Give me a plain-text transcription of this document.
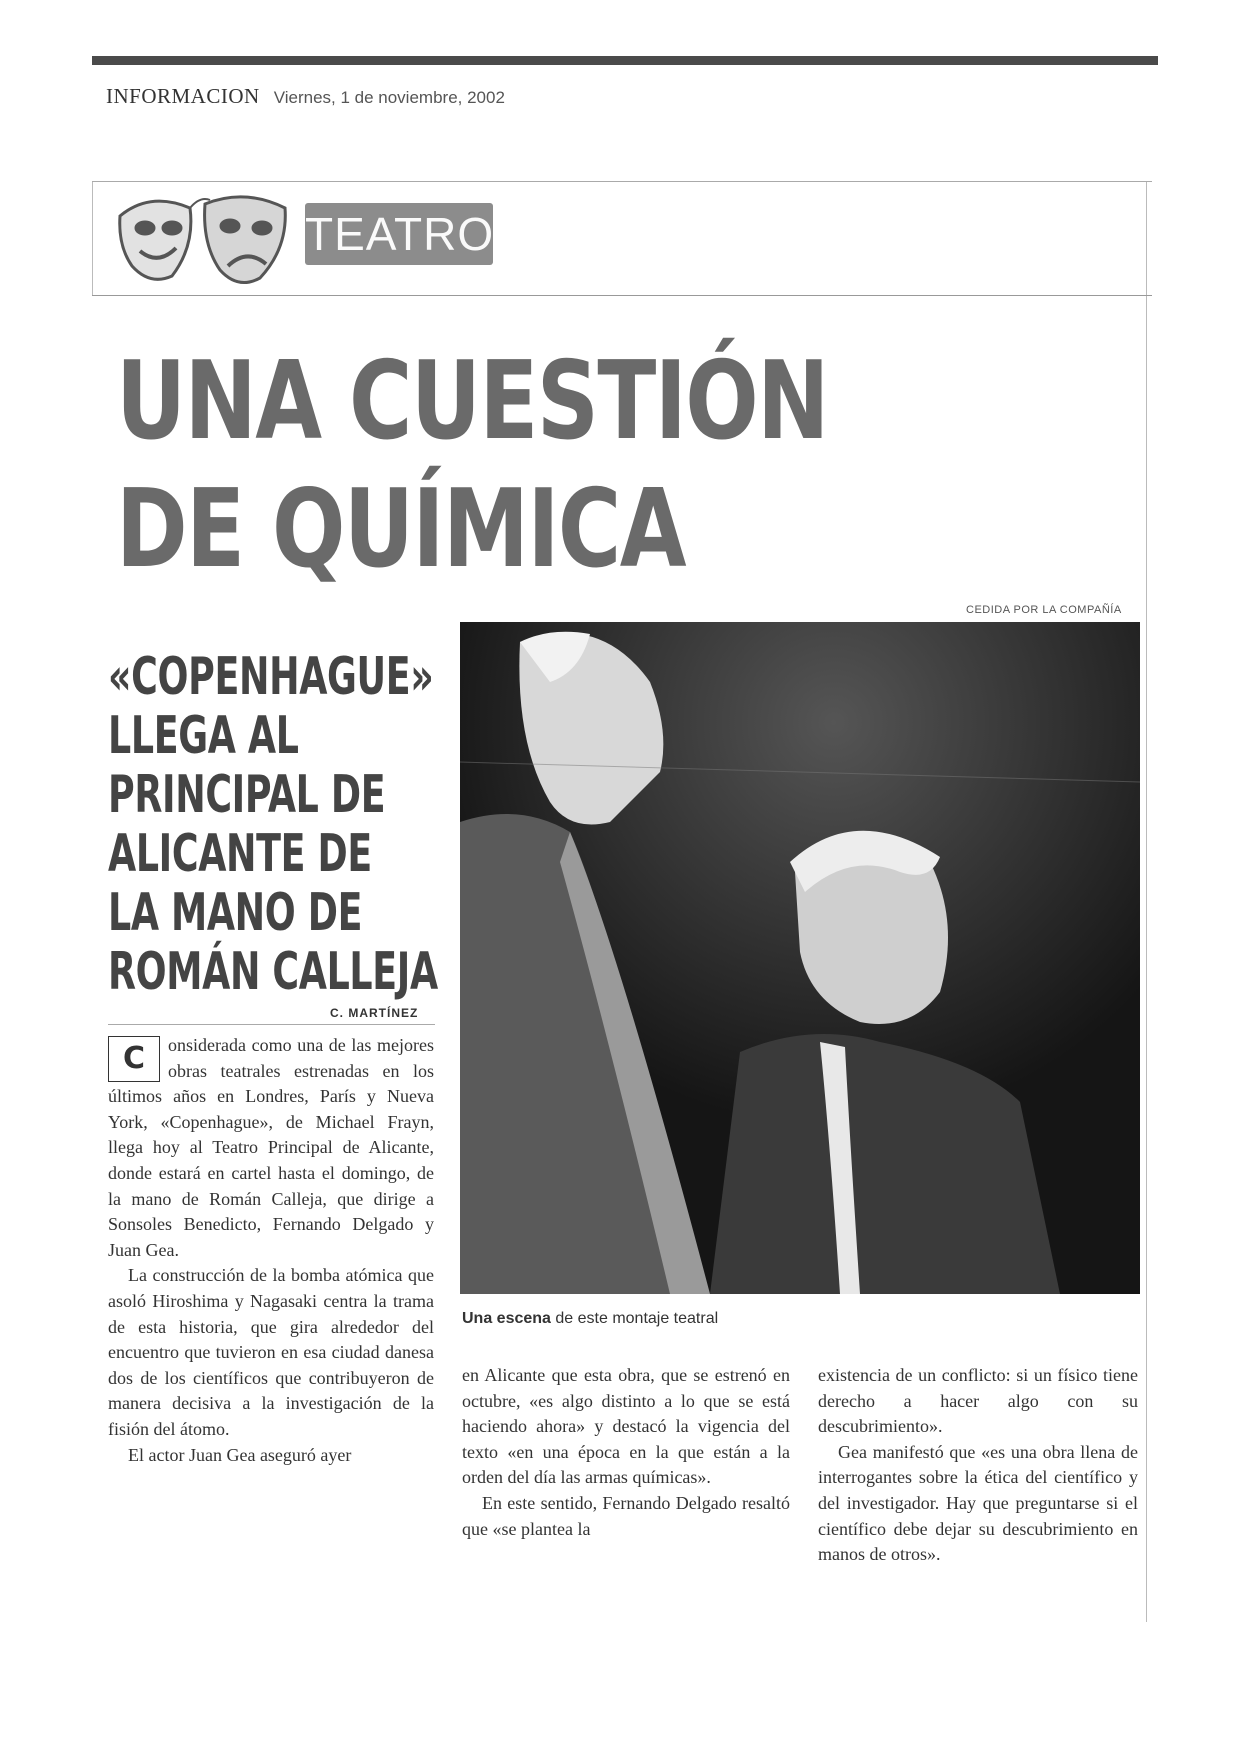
INFORMACION Viernes, 1 de noviembre, 2002
TEATRO
UNA CUESTIÓN
DE QUÍMICA
CEDIDA POR LA COMPAÑÍA
«COPENHAGUE»
LLEGA AL
PRINCIPAL DE
ALICANTE DE
LA MANO DE
ROMÁN CALLEJA
Una escena de este montaje teatral
C. MARTÍNEZ

C	onsiderada como una de las mejores obras teatrales estrenadas en los últimos años en Londres, París y Nueva York, «Copenhague», de Michael Frayn, llega hoy al Teatro Principal de Alicante, donde estará en cartel hasta el domingo, de la mano de Román Calleja, que dirige a Sonsoles Benedicto, Fernando Delgado y Juan Gea.

La construcción de la bomba atómica que asoló Hiroshima y Nagasaki centra la trama de esta historia, que gira alrededor del encuentro que tuvieron en esa ciudad danesa dos de los científicos que contribuyeron de manera decisiva a la investigación de la fisión del átomo.

El actor Juan Gea aseguró ayer

en Alicante que esta obra, que se estrenó en octubre, «es algo distinto a lo que se está haciendo ahora» y destacó la vigencia del texto «en una época en la que están a la orden del día las armas químicas».

En este sentido, Fernando Delgado resaltó que «se plantea la

existencia de un conflicto: si un físico tiene derecho a hacer algo con su descubrimiento».

Gea manifestó que «es una obra llena de interrogantes sobre la ética del científico y del investigador. Hay que preguntarse si el científico debe dejar su descubrimiento en manos de otros».
